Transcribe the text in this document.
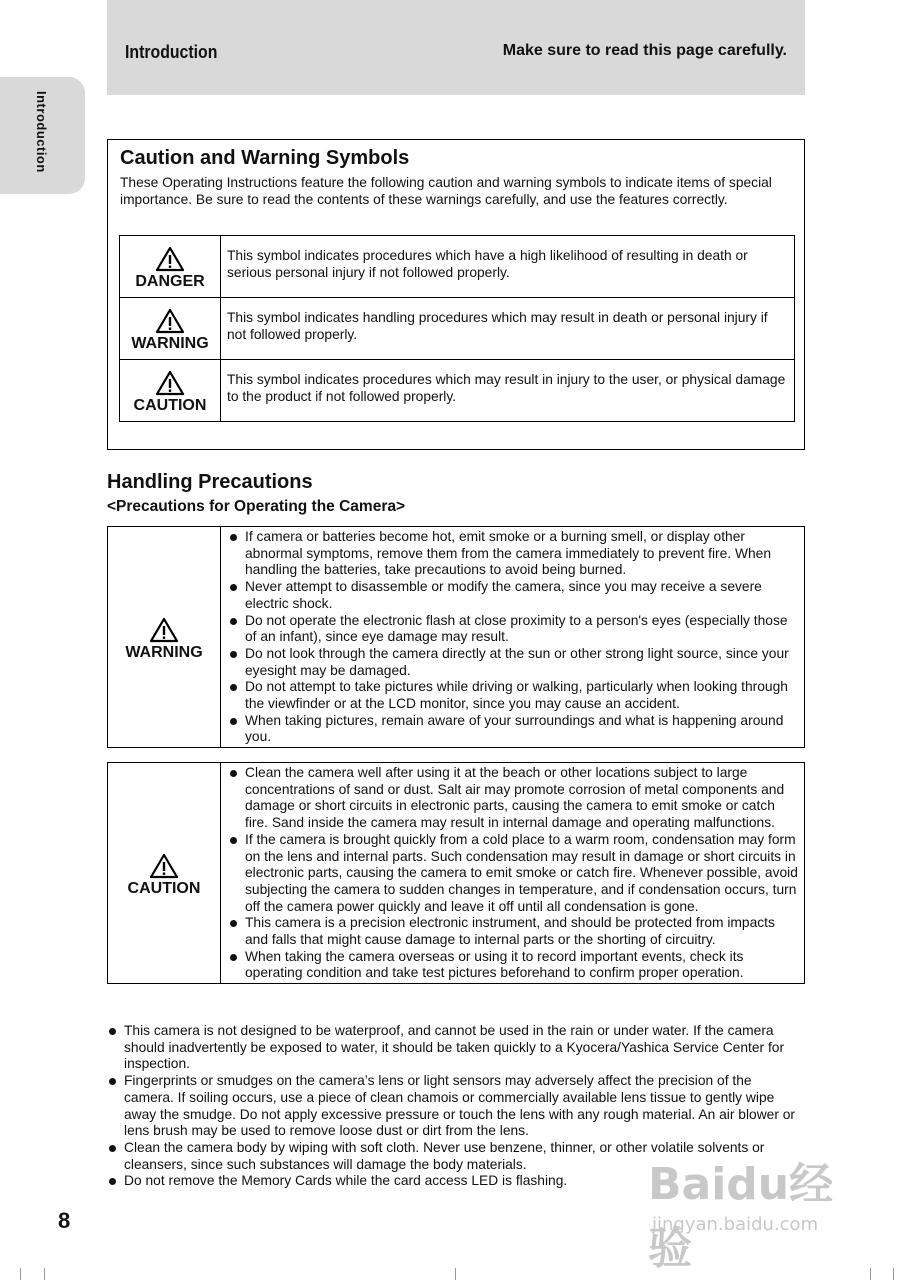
Introduction	Make sure to read this page carefully.
Introduction	Caution and Warning Symbols
These Operating Instructions feature the following caution and warning symbols to indicate items of special importance. Be sure to read the contents of these warnings carefully, and use the features correctly.
DANGER	This symbol indicates procedures which have a high likelihood of resulting in death or serious personal injury if not followed properly.

WARNING	This symbol indicates handling procedures which may result in death or personal injury if not followed properly.

CAUTION	This symbol indicates procedures which may result in injury to the user, or physical damage to the product if not followed properly.
Handling Precautions
<Precautions for Operating the Camera>
WARNING

If camera or batteries become hot, emit smoke or a burning smell, or display other abnormal symptoms, remove them from the camera immediately to prevent fire. When handling the batteries, take precautions to avoid being burned.
Never attempt to disassemble or modify the camera, since you may receive a severe electric shock.
Do not operate the electronic flash at close proximity to a person's eyes (especially those of an infant), since eye damage may result.
Do not look through the camera directly at the sun or other strong light source, since your eyesight may be damaged.
Do not attempt to take pictures while driving or walking, particularly when looking through the viewfinder or at the LCD monitor, since you may cause an accident.
When taking pictures, remain aware of your surroundings and what is happening around you.
CAUTION

Clean the camera well after using it at the beach or other locations subject to large concentrations of sand or dust. Salt air may promote corrosion of metal components and damage or short circuits in electronic parts, causing the camera to emit smoke or catch fire. Sand inside the camera may result in internal damage and operating malfunctions.
If the camera is brought quickly from a cold place to a warm room, condensation may form on the lens and internal parts. Such condensation may result in damage or short circuits in electronic parts, causing the camera to emit smoke or catch fire. Whenever possible, avoid subjecting the camera to sudden changes in temperature, and if condensation occurs, turn off the camera power quickly and leave it off until all condensation is gone.
This camera is a precision electronic instrument, and should be protected from impacts and falls that might cause damage to internal parts or the shorting of circuitry.
When taking the camera overseas or using it to record important events, check its operating condition and take test pictures beforehand to confirm proper operation.
This camera is not designed to be waterproof, and cannot be used in the rain or under water. If the camera should inadvertently be exposed to water, it should be taken quickly to a Kyocera/Yashica Service Center for inspection.
Fingerprints or smudges on the camera’s lens or light sensors may adversely affect the precision of the camera. If soiling occurs, use a piece of clean chamois or commercially available lens tissue to gently wipe away the smudge. Do not apply excessive pressure or touch the lens with any rough material. An air blower or lens brush may be used to remove loose dust or dirt from the lens.
Clean the camera body by wiping with soft cloth. Never use benzene, thinner, or other volatile solvents or cleansers, since such substances will damage the body materials.
Do not remove the Memory Cards while the card access LED is flashing.
8
Baidu经验
jingyan.baidu.com
